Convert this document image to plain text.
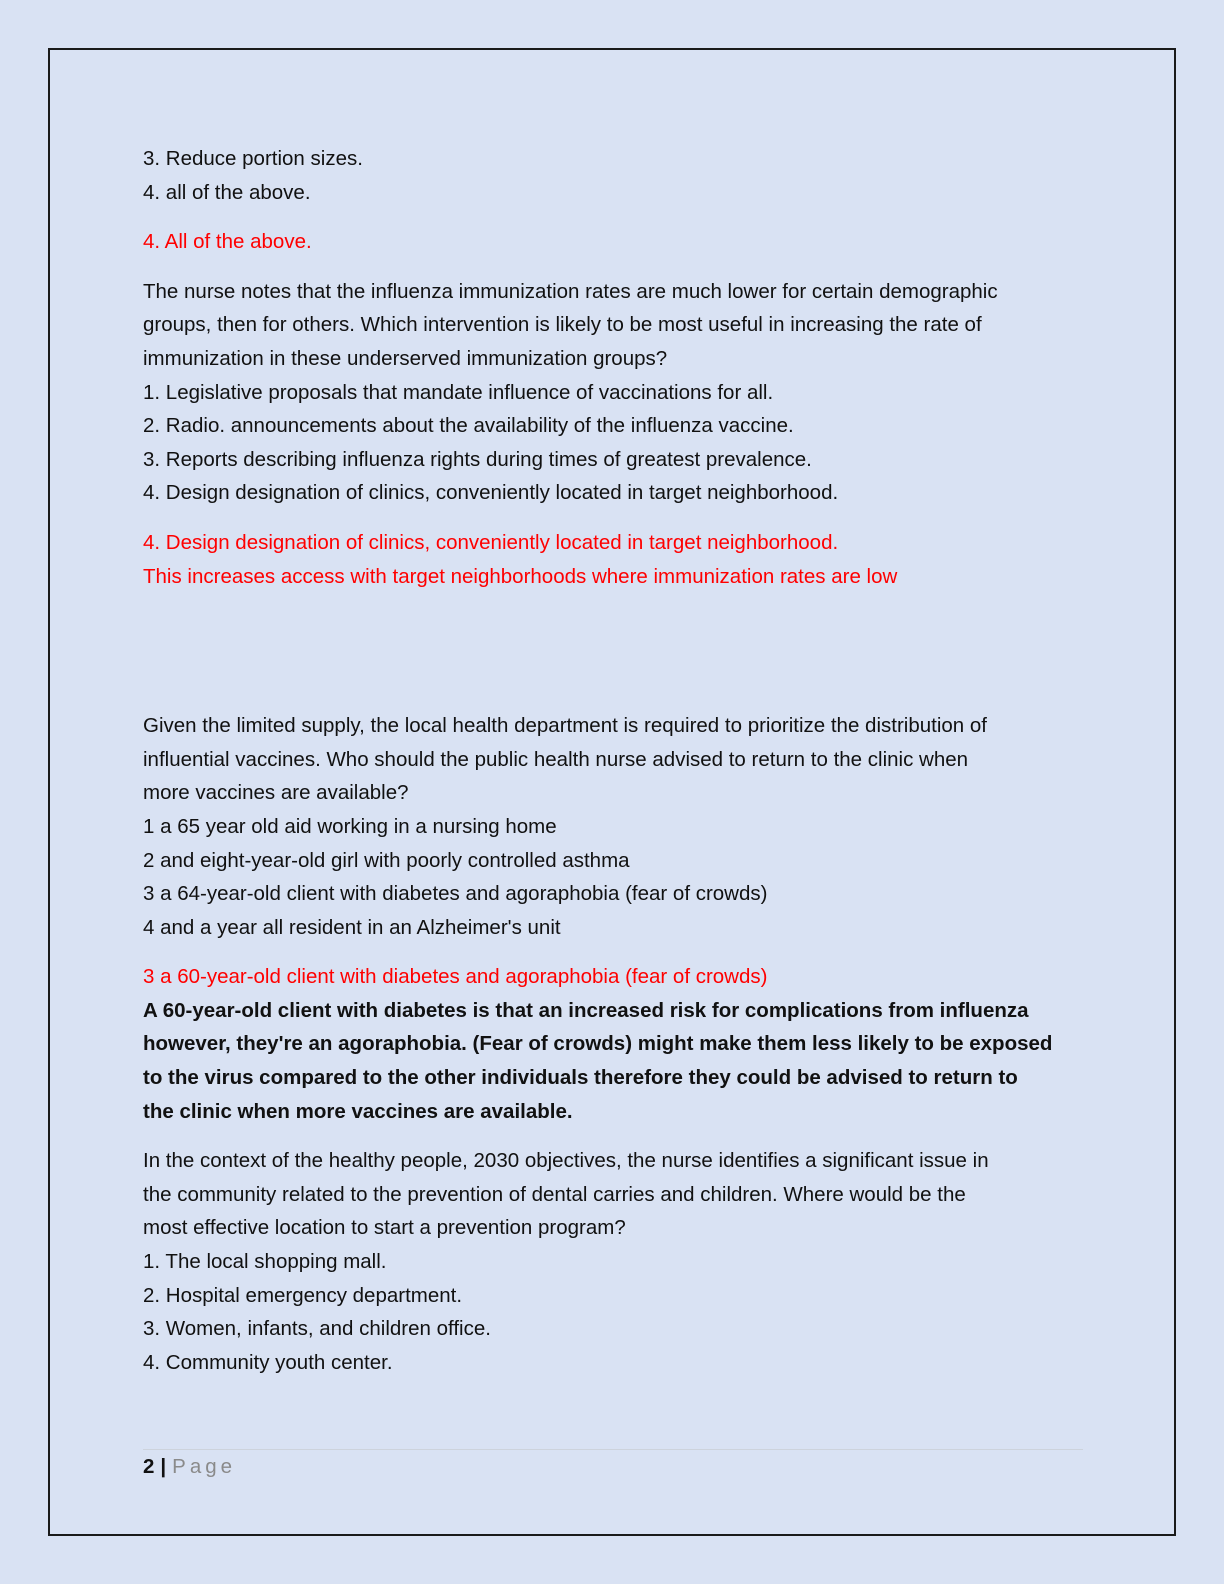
3. Reduce portion sizes.
4. all of the above.
4. All of the above.
The nurse notes that the influenza immunization rates are much lower for certain demographic
groups, then for others. Which intervention is likely to be most useful in increasing the rate of
immunization in these underserved immunization groups?
1. Legislative proposals that mandate influence of vaccinations for all.
2. Radio. announcements about the availability of the influenza vaccine.
3. Reports describing influenza rights during times of greatest prevalence.
4. Design designation of clinics, conveniently located in target neighborhood.
4. Design designation of clinics, conveniently located in target neighborhood.
This increases access with target neighborhoods where immunization rates are low
Given the limited supply, the local health department is required to prioritize the distribution of
influential vaccines. Who should the public health nurse advised to return to the clinic when
more vaccines are available?
1 a 65 year old aid working in a nursing home
2 and eight-year-old girl with poorly controlled asthma
3 a 64-year-old client with diabetes and agoraphobia (fear of crowds)
4 and a year all resident in an Alzheimer's unit
3 a 60-year-old client with diabetes and agoraphobia (fear of crowds)
A 60-year-old client with diabetes is that an increased risk for complications from influenza
however, they're an agoraphobia. (Fear of crowds) might make them less likely to be exposed
to the virus compared to the other individuals therefore they could be advised to return to
the clinic when more vaccines are available.
In the context of the healthy people, 2030 objectives, the nurse identifies a significant issue in
the community related to the prevention of dental carries and children. Where would be the
most effective location to start a prevention program?
1. The local shopping mall.
2. Hospital emergency department.
3. Women, infants, and children office.
4. Community youth center.
2 | Page
